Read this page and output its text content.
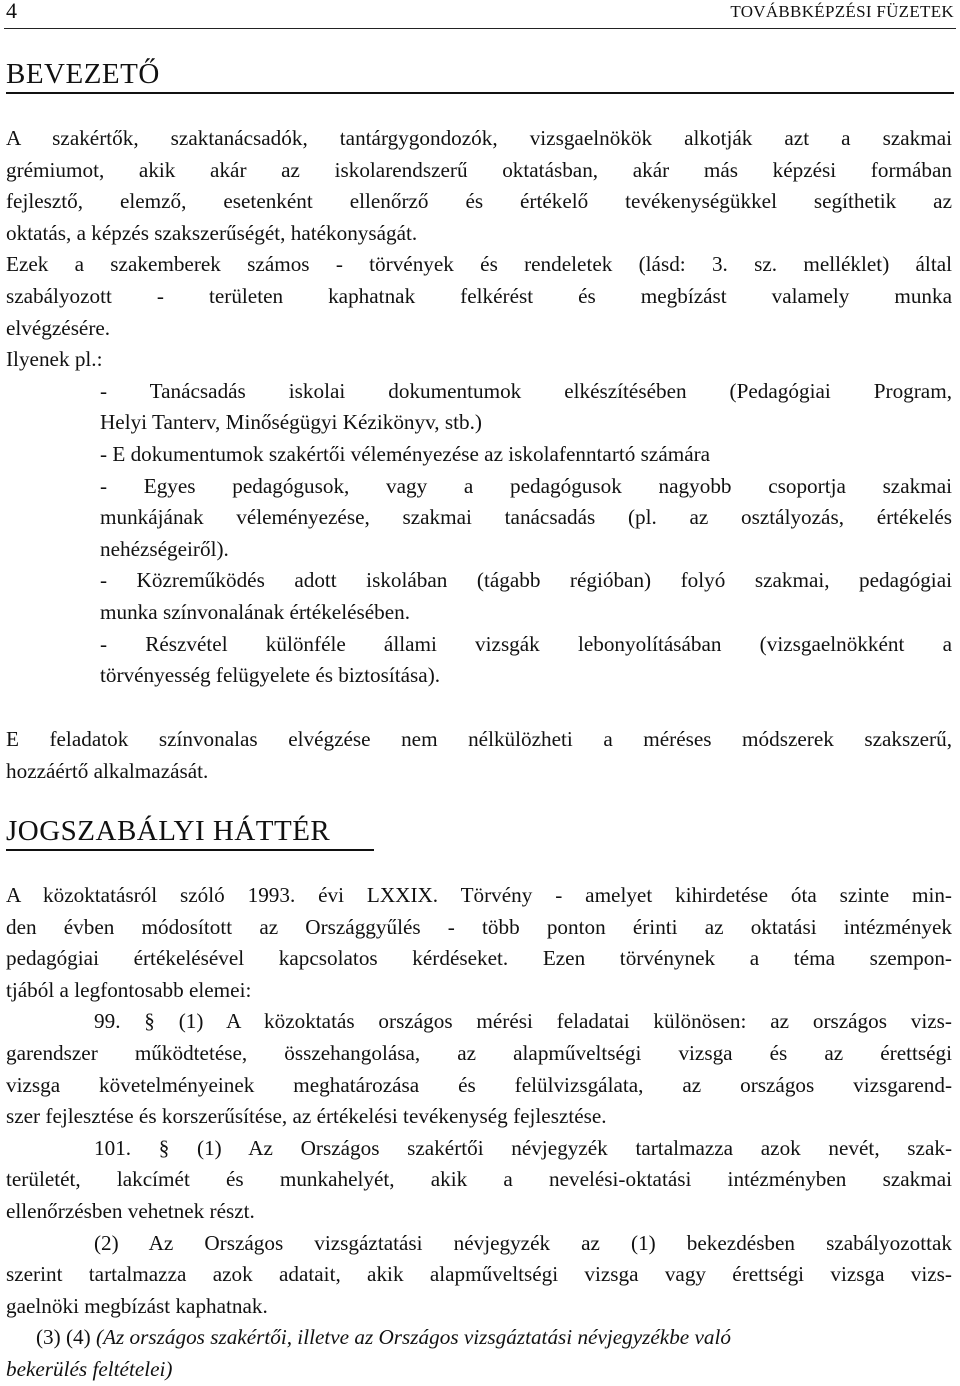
4	TOVÁBBKÉPZÉSI FÜZETEK
BEVEZETŐ
A szakértők, szaktanácsadók, tantárgygondozók, vizsgaelnökök alkotják azt a szakmai
grémiumot, akik akár az iskolarendszerű oktatásban, akár más képzési formában
fejlesztő, elemző, esetenként ellenőrző és értékelő tevékenységükkel segíthetik az
oktatás, a képzés szakszerűségét, hatékonyságát.
Ezek a szakemberek számos - törvények és rendeletek (lásd: 3. sz. melléklet) által
szabályozott - területen kaphatnak felkérést és megbízást valamely munka
elvégzésére.
Ilyenek pl.:
- Tanácsadás iskolai dokumentumok elkészítésében (Pedagógiai Program,
Helyi Tanterv, Minőségügyi Kézikönyv, stb.)
- E dokumentumok szakértői véleményezése az iskolafenntartó számára
- Egyes pedagógusok, vagy a pedagógusok nagyobb csoportja szakmai
munkájának véleményezése, szakmai tanácsadás (pl. az osztályozás, értékelés
nehézségeiről).
- Közreműködés adott iskolában (tágabb régióban) folyó szakmai, pedagógiai
munka színvonalának értékelésében.
- Részvétel különféle állami vizsgák lebonyolításában (vizsgaelnökként a
törvényesség felügyelete és biztosítása).
E feladatok színvonalas elvégzése nem nélkülözheti a méréses módszerek szakszerű,
hozzáértő alkalmazását.
JOGSZABÁLYI HÁTTÉR
A közoktatásról szóló 1993. évi LXXIX. Törvény - amelyet kihirdetése óta szinte min-
den évben módosított az Országgyűlés - több ponton érinti az oktatási intézmények
pedagógiai értékelésével kapcsolatos kérdéseket. Ezen törvénynek a téma szempon-
tjából a legfontosabb elemei:
99. § (1) A közoktatás országos mérési feladatai különösen: az országos vizs-
garendszer működtetése, összehangolása, az alapműveltségi vizsga és az érettségi
vizsga követelményeinek meghatározása és felülvizsgálata, az országos vizsgarend-
szer fejlesztése és korszerűsítése, az értékelési tevékenység fejlesztése.
101. § (1) Az Országos szakértői névjegyzék tartalmazza azok nevét, szak-
területét, lakcímét és munkahelyét, akik a nevelési-oktatási intézményben szakmai
ellenőrzésben vehetnek részt.
(2) Az Országos vizsgáztatási névjegyzék az (1) bekezdésben szabályozottak
szerint tartalmazza azok adatait, akik alapműveltségi vizsga vagy érettségi vizsga vizs-
gaelnöki megbízást kaphatnak.
(3) (4) (Az országos szakértői, illetve az Országos vizsgáztatási névjegyzékbe való
bekerülés feltételei)
